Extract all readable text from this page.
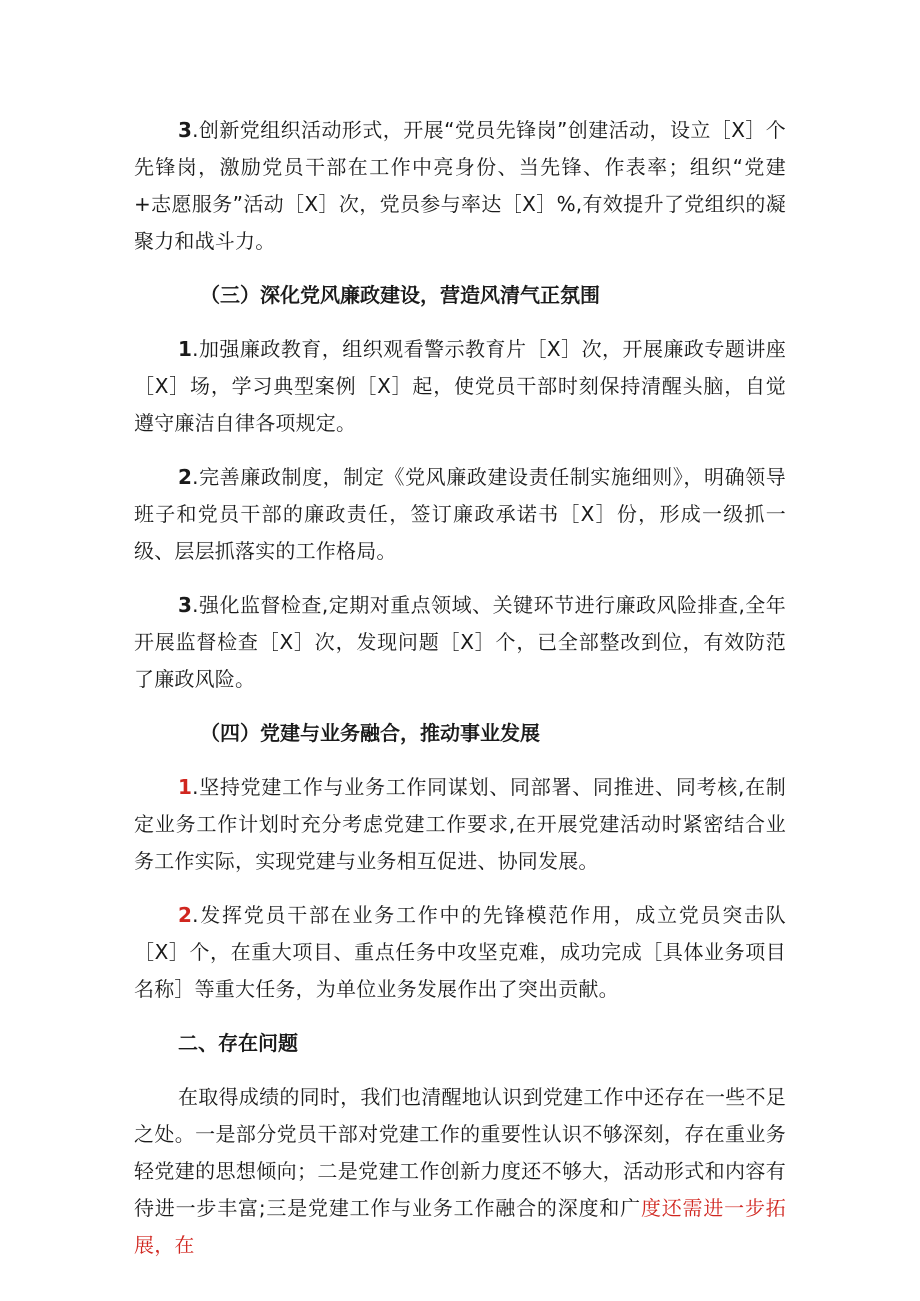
3.创新党组织活动形式，开展“党员先锋岗”创建活动，设立［X］个先锋岗，激励党员干部在工作中亮身份、当先锋、作表率；组织“党建+志愿服务”活动［X］次，党员参与率达［X］%,有效提升了党组织的凝聚力和战斗力。

（三）深化党风廉政建设，营造风清气正氛围

1.加强廉政教育，组织观看警示教育片［X］次，开展廉政专题讲座［X］场，学习典型案例［X］起，使党员干部时刻保持清醒头脑，自觉遵守廉洁自律各项规定。

2.完善廉政制度，制定《党风廉政建设责任制实施细则》，明确领导班子和党员干部的廉政责任，签订廉政承诺书［X］份，形成一级抓一级、层层抓落实的工作格局。

3.强化监督检查,定期对重点领域、关键环节进行廉政风险排查,全年开展监督检查［X］次，发现问题［X］个，已全部整改到位，有效防范了廉政风险。

（四）党建与业务融合，推动事业发展

1.坚持党建工作与业务工作同谋划、同部署、同推进、同考核,在制定业务工作计划时充分考虑党建工作要求,在开展党建活动时紧密结合业务工作实际，实现党建与业务相互促进、协同发展。

2.发挥党员干部在业务工作中的先锋模范作用，成立党员突击队［X］个，在重大项目、重点任务中攻坚克难，成功完成［具体业务项目名称］等重大任务，为单位业务发展作出了突出贡献。

二、存在问题

在取得成绩的同时，我们也清醒地认识到党建工作中还存在一些不足之处。一是部分党员干部对党建工作的重要性认识不够深刻，存在重业务轻党建的思想倾向；二是党建工作创新力度还不够大，活动形式和内容有待进一步丰富;三是党建工作与业务工作融合的深度和广度还需进一步拓展，在
